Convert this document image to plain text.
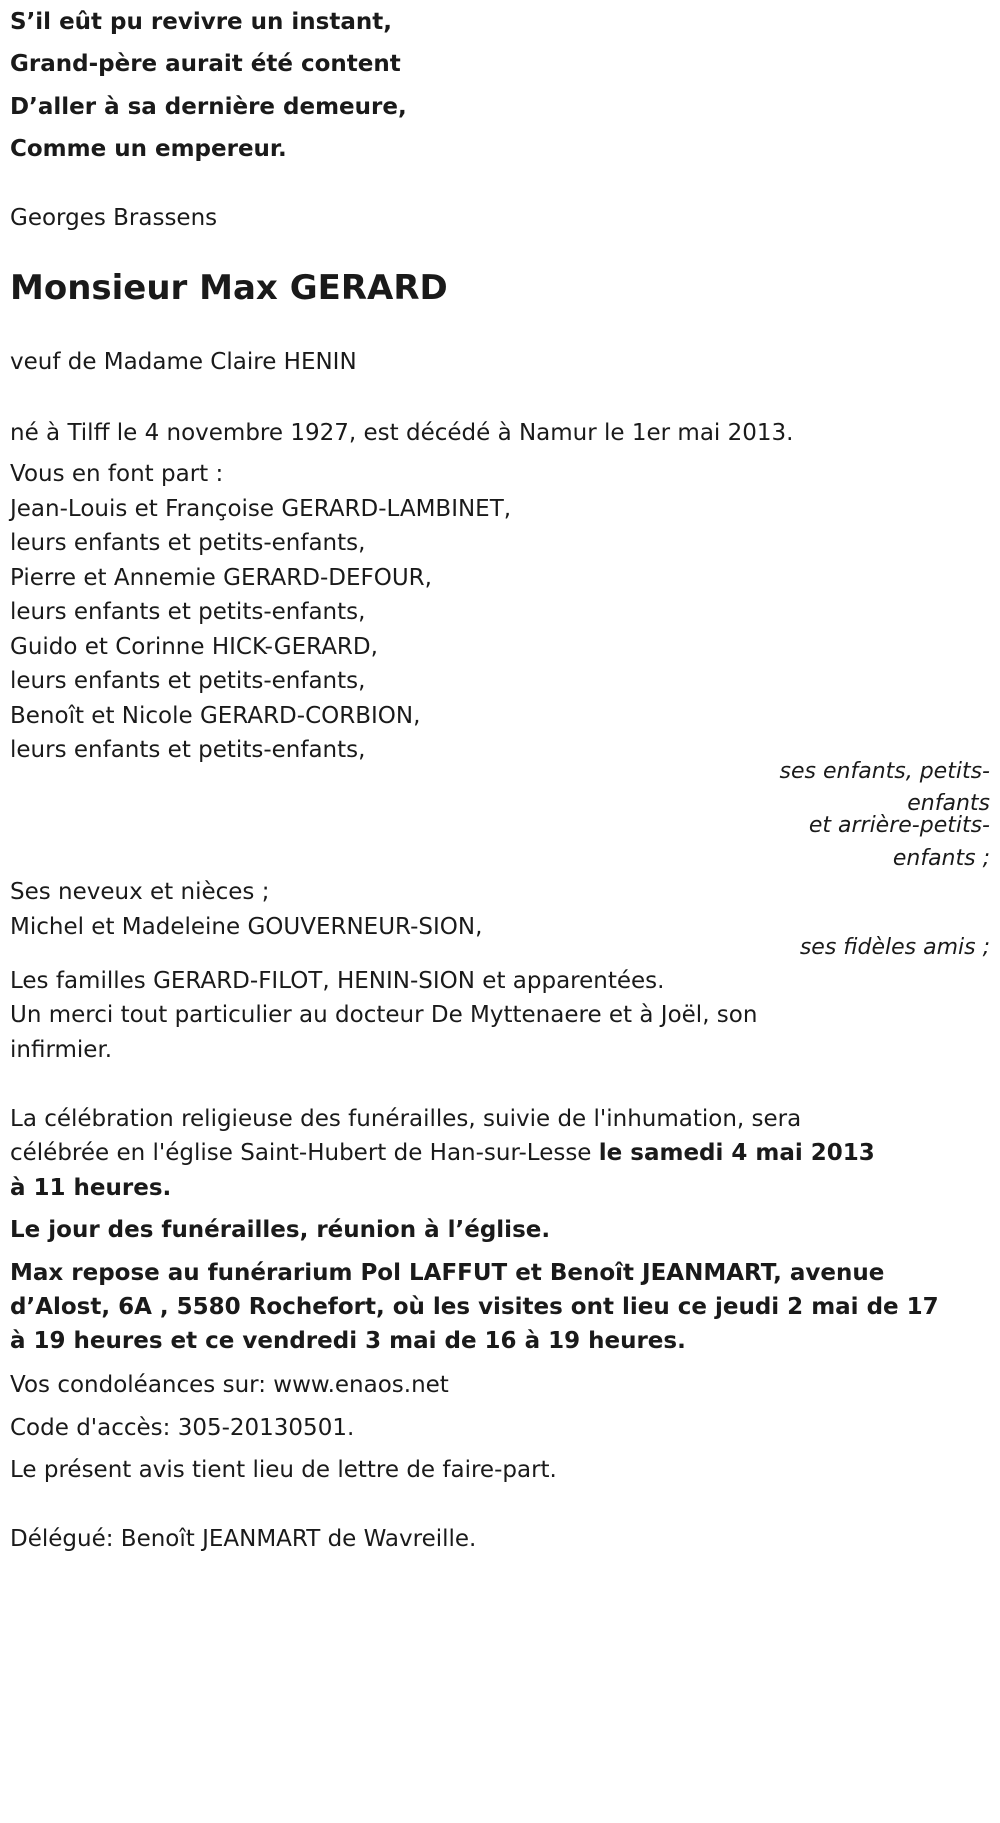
S’il eût pu revivre un instant,
Grand-père aurait été content
D’aller à sa dernière demeure,
Comme un empereur.
Georges Brassens
Monsieur Max GERARD
veuf de Madame Claire HENIN
né à Tilff le 4 novembre 1927, est décédé à Namur le 1er mai 2013.
Vous en font part :
Jean-Louis et Françoise GERARD-LAMBINET,
leurs enfants et petits-enfants,
Pierre et Annemie GERARD-DEFOUR,
leurs enfants et petits-enfants,
Guido et Corinne HICK-GERARD,
leurs enfants et petits-enfants,
Benoît et Nicole GERARD-CORBION,
leurs enfants et petits-enfants,
ses enfants, petits-
enfants
et arrière-petits-
enfants ;
Ses neveux et nièces ;
Michel et Madeleine GOUVERNEUR-SION,
ses fidèles amis ;
Les familles GERARD-FILOT, HENIN-SION et apparentées.
Un merci tout particulier au docteur De Myttenaere et à Joël, son
infirmier.
La célébration religieuse des funérailles, suivie de l'inhumation, sera
célébrée en l'église Saint-Hubert de Han-sur-Lesse le samedi 4 mai 2013
à 11 heures.
Le jour des funérailles, réunion à l’église.
Max repose au funérarium Pol LAFFUT et Benoît JEANMART, avenue
d’Alost, 6A , 5580 Rochefort, où les visites ont lieu ce jeudi 2 mai de 17
à 19 heures et ce vendredi 3 mai de 16 à 19 heures.
Vos condoléances sur: www.enaos.net
Code d'accès: 305-20130501.
Le présent avis tient lieu de lettre de faire-part.
Délégué: Benoît JEANMART de Wavreille.
